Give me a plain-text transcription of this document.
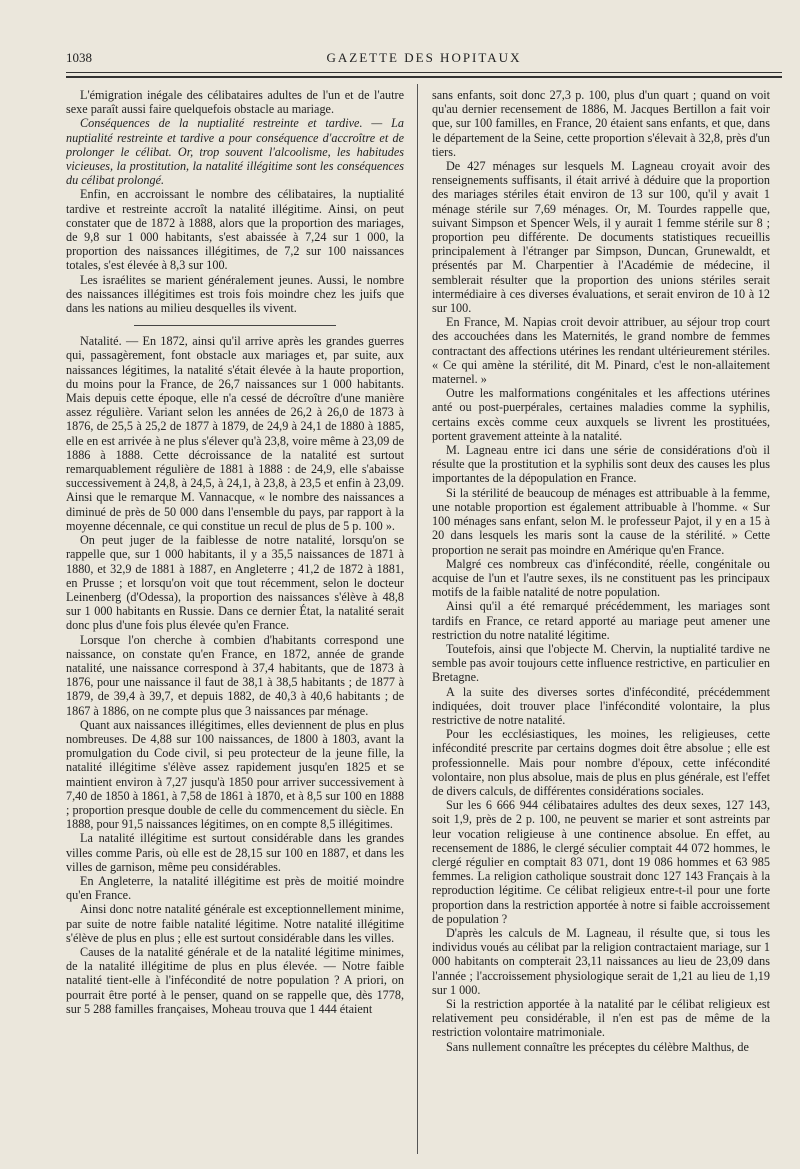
1038	GAZETTE DES HOPITAUX

L'émigration inégale des célibataires adultes de l'un et de l'autre sexe paraît aussi faire quelquefois obstacle au mariage.

Conséquences de la nuptialité restreinte et tardive. — La nuptialité restreinte et tardive a pour conséquence d'accroître et de prolonger le célibat. Or, trop souvent l'alcoolisme, les habitudes vicieuses, la prostitution, la natalité illégitime sont les conséquences du célibat prolongé.

Enfin, en accroissant le nombre des célibataires, la nuptialité tardive et restreinte accroît la natalité illégitime. Ainsi, on peut constater que de 1872 à 1888, alors que la proportion des mariages, de 9,8 sur 1 000 habitants, s'est abaissée à 7,24 sur 1 000, la proportion des naissances illégitimes, de 7,2 sur 100 naissances totales, s'est élevée à 8,3 sur 100.

Les israélites se marient généralement jeunes. Aussi, le nombre des naissances illégitimes est trois fois moindre chez les juifs que dans les nations au milieu desquelles ils vivent.

Natalité. — En 1872, ainsi qu'il arrive après les grandes guerres qui, passagèrement, font obstacle aux mariages et, par suite, aux naissances légitimes, la natalité s'était élevée à la haute proportion, du moins pour la France, de 26,7 naissances sur 1 000 habitants. Mais depuis cette époque, elle n'a cessé de décroître d'une manière assez régulière. Variant selon les années de 26,2 à 26,0 de 1873 à 1876, de 25,5 à 25,2 de 1877 à 1879, de 24,9 à 24,1 de 1880 à 1885, elle en est arrivée à ne plus s'élever qu'à 23,8, voire même à 23,09 de 1886 à 1888. Cette décroissance de la natalité est surtout remarquablement régulière de 1881 à 1888 : de 24,9, elle s'abaisse successivement à 24,8, à 24,5, à 24,1, à 23,8, à 23,5 et enfin à 23,09. Ainsi que le remarque M. Vannacque, « le nombre des naissances a diminué de près de 50 000 dans l'ensemble du pays, par rapport à la moyenne décennale, ce qui constitue un recul de plus de 5 p. 100 ».

On peut juger de la faiblesse de notre natalité, lorsqu'on se rappelle que, sur 1 000 habitants, il y a 35,5 naissances de 1871 à 1880, et 32,9 de 1881 à 1887, en Angleterre ; 41,2 de 1872 à 1881, en Prusse ; et lorsqu'on voit que tout récemment, selon le docteur Leinenberg (d'Odessa), la proportion des naissances s'élève à 48,8 sur 1 000 habitants en Russie. Dans ce dernier État, la natalité serait donc plus d'une fois plus élevée qu'en France.

Lorsque l'on cherche à combien d'habitants correspond une naissance, on constate qu'en France, en 1872, année de grande natalité, une naissance correspond à 37,4 habitants, que de 1873 à 1876, pour une naissance il faut de 38,1 à 38,5 habitants ; de 1877 à 1879, de 39,4 à 39,7, et depuis 1882, de 40,3 à 40,6 habitants ; de 1867 à 1886, on ne compte plus que 3 naissances par ménage.

Quant aux naissances illégitimes, elles deviennent de plus en plus nombreuses. De 4,88 sur 100 naissances, de 1800 à 1803, avant la promulgation du Code civil, si peu protecteur de la jeune fille, la natalité illégitime s'élève assez rapidement jusqu'en 1825 et se maintient environ à 7,27 jusqu'à 1850 pour arriver successivement à 7,40 de 1850 à 1861, à 7,58 de 1861 à 1870, et à 8,5 sur 100 en 1888 ; proportion presque double de celle du commencement du siècle. En 1888, pour 91,5 naissances légitimes, on en compte 8,5 illégitimes.

La natalité illégitime est surtout considérable dans les grandes villes comme Paris, où elle est de 28,15 sur 100 en 1887, et dans les villes de garnison, même peu considérables.

En Angleterre, la natalité illégitime est près de moitié moindre qu'en France.

Ainsi donc notre natalité générale est exceptionnellement minime, par suite de notre faible natalité légitime. Notre natalité illégitime s'élève de plus en plus ; elle est surtout considérable dans les villes.

Causes de la natalité générale et de la natalité légitime minimes, de la natalité illégitime de plus en plus élevée. — Notre faible natalité tient-elle à l'infécondité de notre population ? A priori, on pourrait être porté à le penser, quand on se rappelle que, dès 1778, sur 5 288 familles françaises, Moheau trouva que 1 444 étaient

sans enfants, soit donc 27,3 p. 100, plus d'un quart ; quand on voit qu'au dernier recensement de 1886, M. Jacques Bertillon a fait voir que, sur 100 familles, en France, 20 étaient sans enfants, et que, dans le département de la Seine, cette proportion s'élevait à 32,8, près d'un tiers.

De 427 ménages sur lesquels M. Lagneau croyait avoir des renseignements suffisants, il était arrivé à déduire que la proportion des mariages stériles était environ de 13 sur 100, qu'il y avait 1 ménage stérile sur 7,69 ménages. Or, M. Tourdes rappelle que, suivant Simpson et Spencer Wels, il y aurait 1 femme stérile sur 8 ; proportion peu différente. De documents statistiques recueillis principalement à l'étranger par Simpson, Duncan, Grunewaldt, et présentés par M. Charpentier à l'Académie de médecine, il semblerait résulter que la proportion des unions stériles serait intermédiaire à ces diverses évaluations, et serait environ de 10 à 12 sur 100.

En France, M. Napias croit devoir attribuer, au séjour trop court des accouchées dans les Maternités, le grand nombre de femmes contractant des affections utérines les rendant ultérieurement stériles. « Ce qui amène la stérilité, dit M. Pinard, c'est le non-allaitement maternel. »

Outre les malformations congénitales et les affections utérines anté ou post-puerpérales, certaines maladies comme la syphilis, certains excès comme ceux auxquels se livrent les prostituées, portent gravement atteinte à la natalité.

M. Lagneau entre ici dans une série de considérations d'où il résulte que la prostitution et la syphilis sont deux des causes les plus importantes de la dépopulation en France.

Si la stérilité de beaucoup de ménages est attribuable à la femme, une notable proportion est également attribuable à l'homme. « Sur 100 ménages sans enfant, selon M. le professeur Pajot, il y en a 15 à 20 dans lesquels les maris sont la cause de la stérilité. » Cette proportion ne serait pas moindre en Amérique qu'en France.

Malgré ces nombreux cas d'infécondité, réelle, congénitale ou acquise de l'un et l'autre sexes, ils ne constituent pas les principaux motifs de la faible natalité de notre population.

Ainsi qu'il a été remarqué précédemment, les mariages sont tardifs en France, ce retard apporté au mariage peut amener une restriction du notre natalité légitime.

Toutefois, ainsi que l'objecte M. Chervin, la nuptialité tardive ne semble pas avoir toujours cette influence restrictive, en particulier en Bretagne.

A la suite des diverses sortes d'infécondité, précédemment indiquées, doit trouver place l'infécondité volontaire, la plus restrictive de notre natalité.

Pour les ecclésiastiques, les moines, les religieuses, cette infécondité prescrite par certains dogmes doit être absolue ; elle est professionnelle. Mais pour nombre d'époux, cette infécondité volontaire, non plus absolue, mais de plus en plus générale, est l'effet de divers calculs, de différentes considérations sociales.

Sur les 6 666 944 célibataires adultes des deux sexes, 127 143, soit 1,9, près de 2 p. 100, ne peuvent se marier et sont astreints par leur vocation religieuse à une continence absolue. En effet, au recensement de 1886, le clergé séculier comptait 44 072 hommes, le clergé régulier en comptait 83 071, dont 19 086 hommes et 63 985 femmes. La religion catholique soustrait donc 127 143 Français à la reproduction légitime. Ce célibat religieux entre-t-il pour une forte proportion dans la restriction apportée à notre si faible accroissement de population ?

D'après les calculs de M. Lagneau, il résulte que, si tous les individus voués au célibat par la religion contractaient mariage, sur 1 000 habitants on compterait 23,11 naissances au lieu de 23,09 dans l'année ; l'accroissement physiologique serait de 1,21 au lieu de 1,19 sur 1 000.

Si la restriction apportée à la natalité par le célibat religieux est relativement peu considérable, il n'en est pas de même de la restriction volontaire matrimoniale.

Sans nullement connaître les préceptes du célèbre Malthus, de
